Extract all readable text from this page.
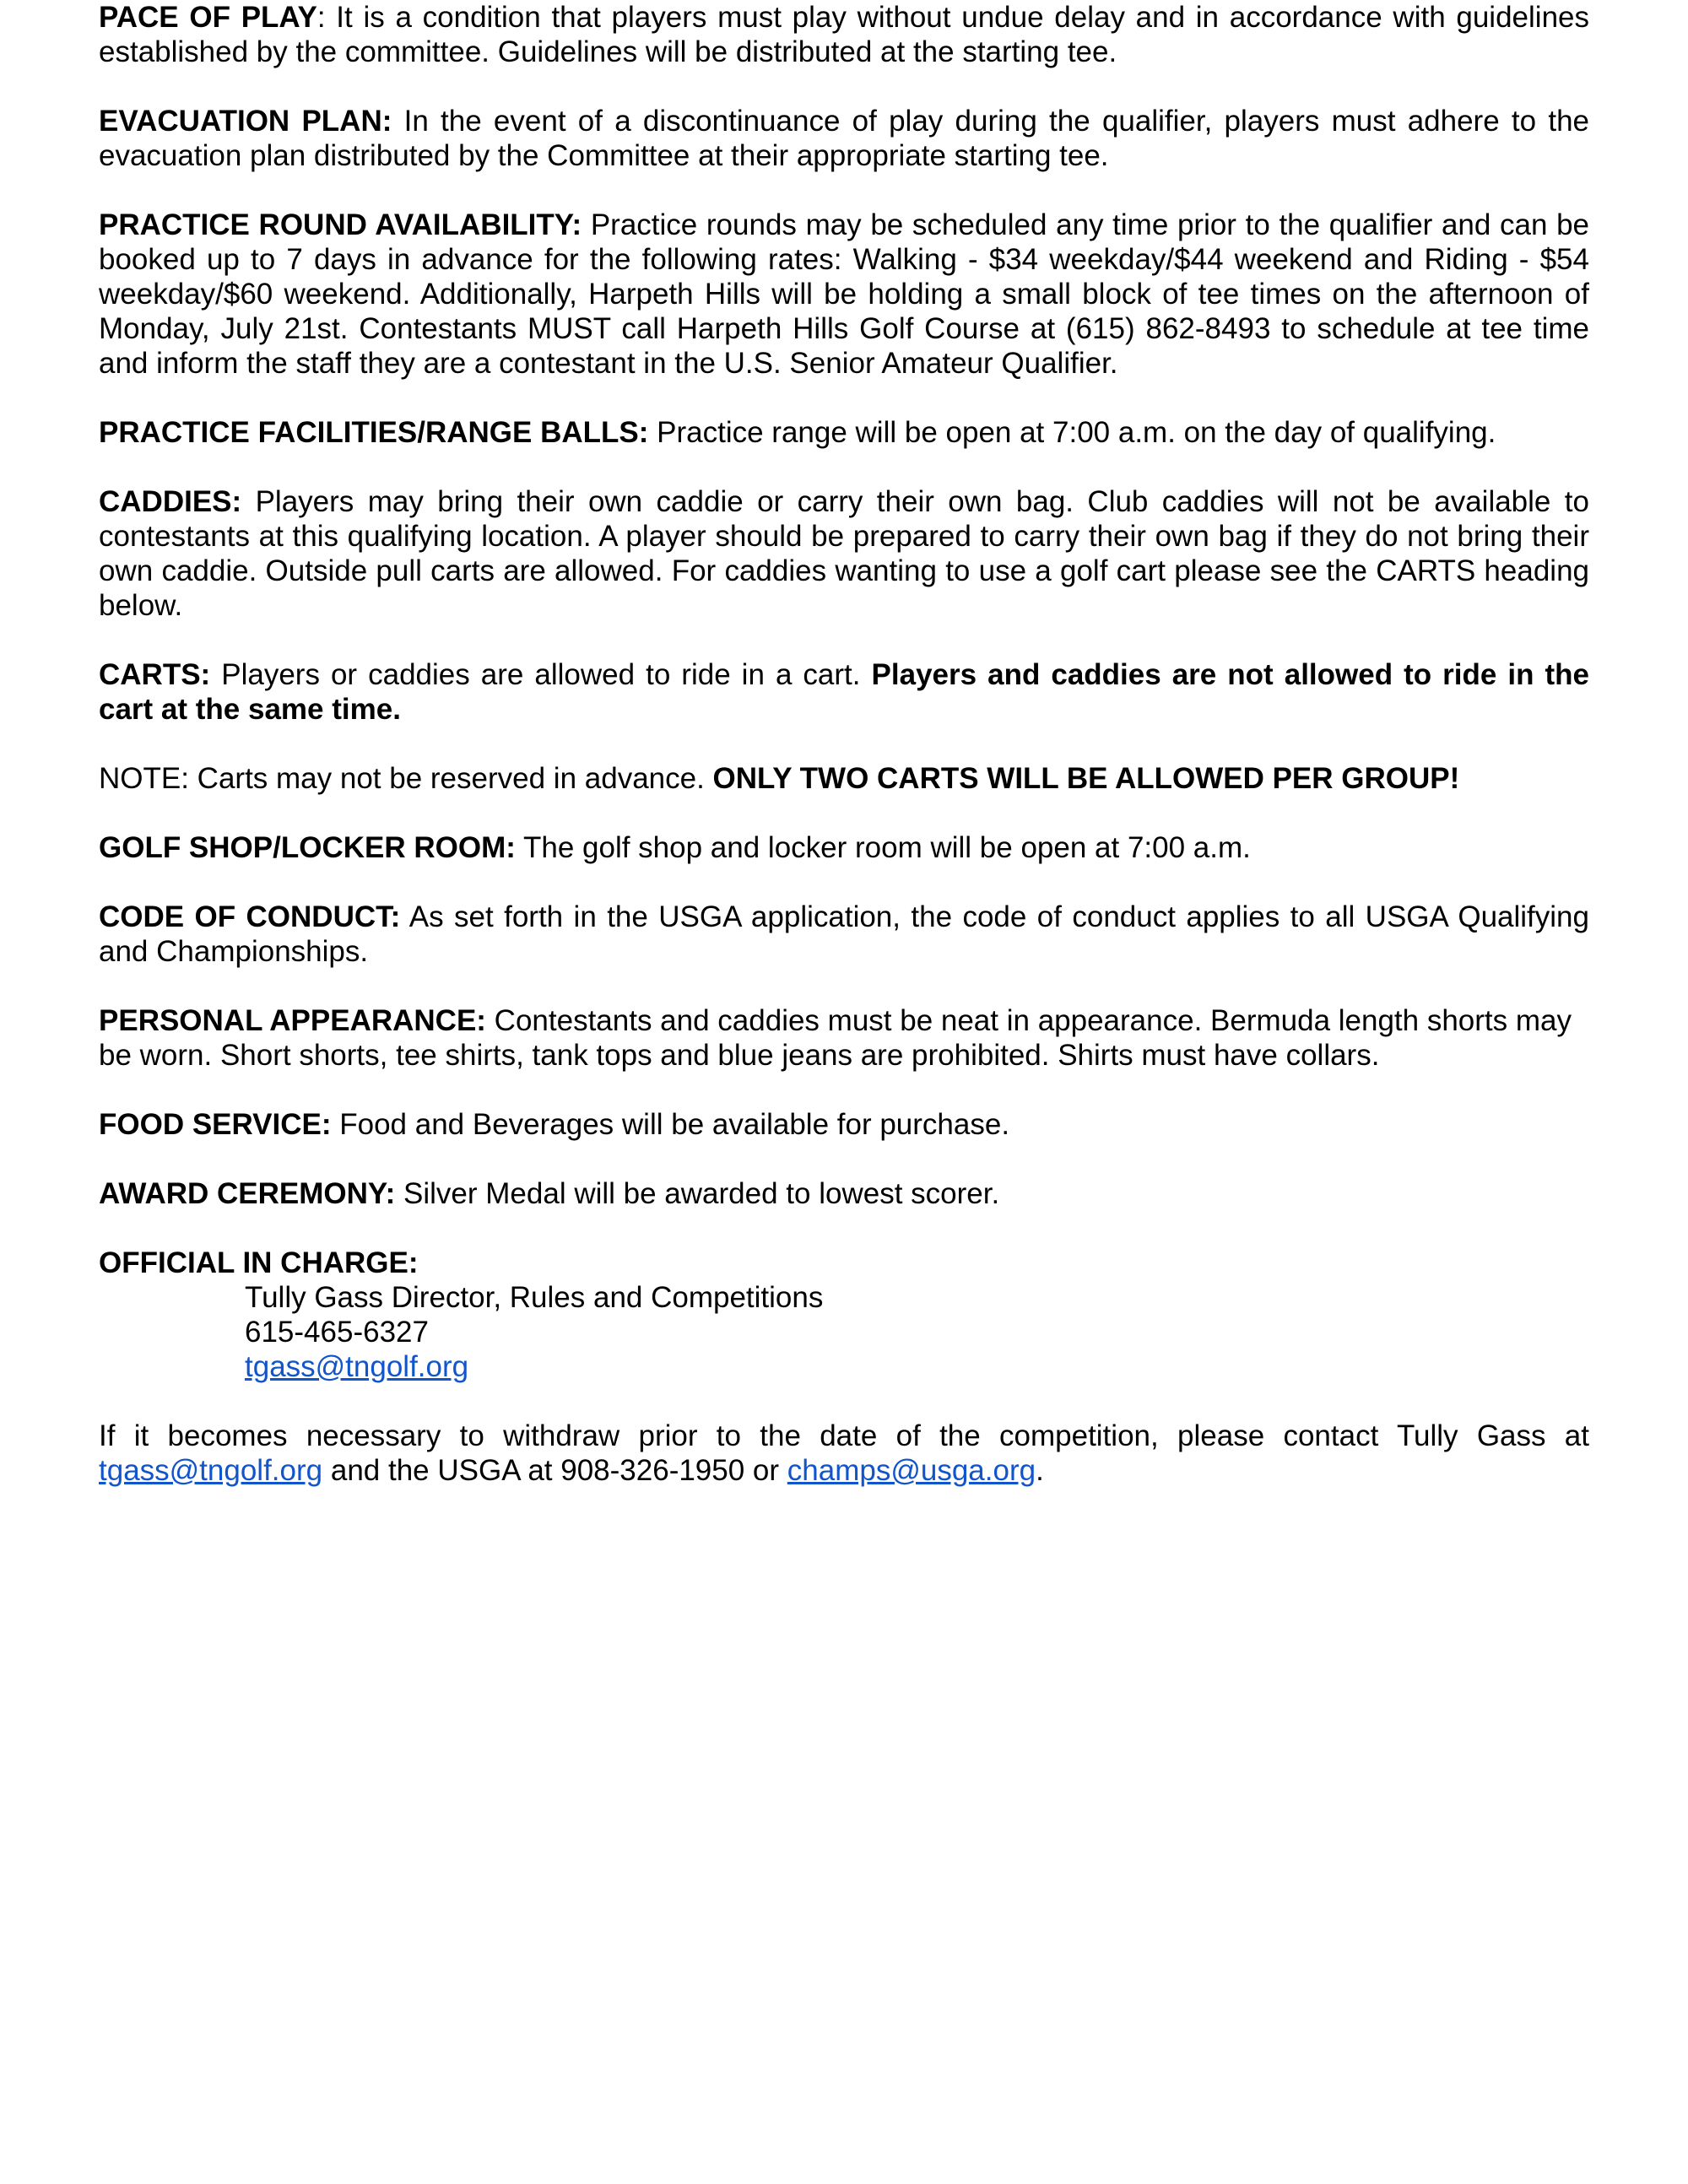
PACE OF PLAY: It is a condition that players must play without undue delay and in accordance with guidelines established by the committee. Guidelines will be distributed at the starting tee.

EVACUATION PLAN: In the event of a discontinuance of play during the qualifier, players must adhere to the evacuation plan distributed by the Committee at their appropriate starting tee.

PRACTICE ROUND AVAILABILITY: Practice rounds may be scheduled any time prior to the qualifier and can be booked up to 7 days in advance for the following rates: Walking - $34 weekday/$44 weekend and Riding - $54 weekday/$60 weekend. Additionally, Harpeth Hills will be holding a small block of tee times on the afternoon of Monday, July 21st. Contestants MUST call Harpeth Hills Golf Course at (615) 862-8493 to schedule at tee time and inform the staff they are a contestant in the U.S. Senior Amateur Qualifier.

PRACTICE FACILITIES/RANGE BALLS: Practice range will be open at 7:00 a.m. on the day of qualifying.

CADDIES: Players may bring their own caddie or carry their own bag. Club caddies will not be available to contestants at this qualifying location. A player should be prepared to carry their own bag if they do not bring their own caddie. Outside pull carts are allowed. For caddies wanting to use a golf cart please see the CARTS heading below.

CARTS: Players or caddies are allowed to ride in a cart. Players and caddies are not allowed to ride in the cart at the same time.

NOTE: Carts may not be reserved in advance. ONLY TWO CARTS WILL BE ALLOWED PER GROUP!

GOLF SHOP/LOCKER ROOM: The golf shop and locker room will be open at 7:00 a.m.

CODE OF CONDUCT: As set forth in the USGA application, the code of conduct applies to all USGA Qualifying and Championships.

PERSONAL APPEARANCE: Contestants and caddies must be neat in appearance. Bermuda length shorts may be worn. Short shorts, tee shirts, tank tops and blue jeans are prohibited. Shirts must have collars.

FOOD SERVICE: Food and Beverages will be available for purchase.

AWARD CEREMONY: Silver Medal will be awarded to lowest scorer.

OFFICIAL IN CHARGE:
Tully Gass Director, Rules and Competitions
615-465-6327
tgass@tngolf.org

If it becomes necessary to withdraw prior to the date of the competition, please contact Tully Gass at tgass@tngolf.org and the USGA at 908-326-1950 or champs@usga.org.
